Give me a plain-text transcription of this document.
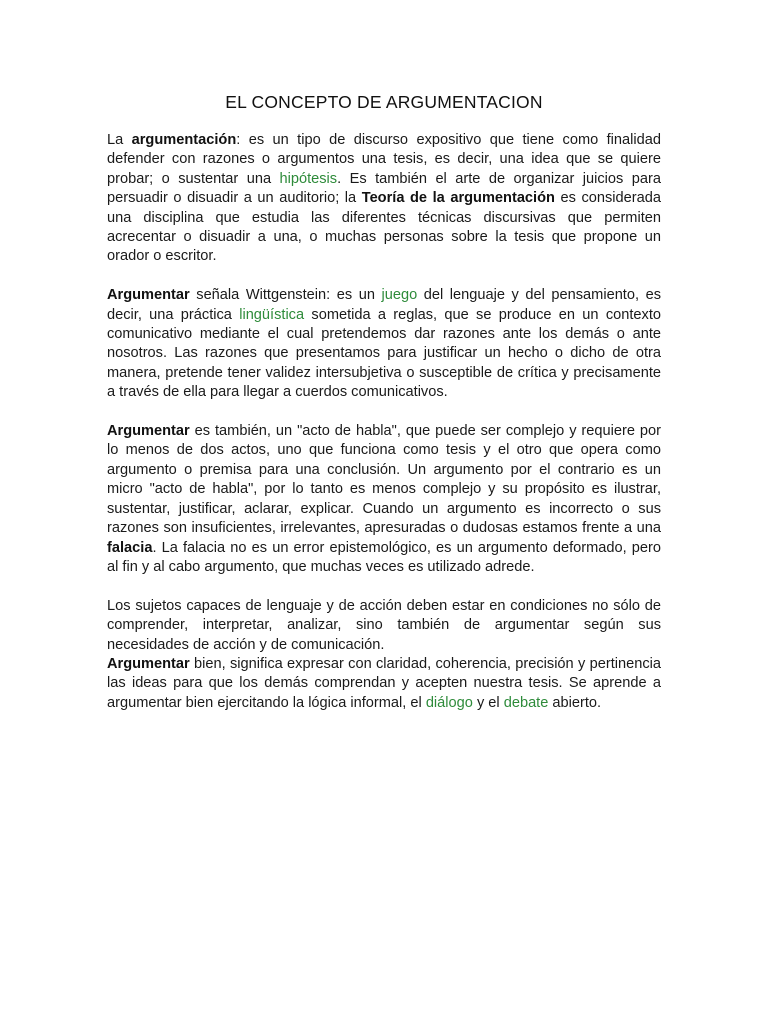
EL CONCEPTO DE ARGUMENTACION

La argumentación: es un tipo de discurso expositivo que tiene como finalidad defender con razones o argumentos una tesis, es decir, una idea que se quiere probar; o sustentar una hipótesis. Es también el arte de organizar juicios para persuadir o disuadir a un auditorio; la Teoría de la argumentación es considerada una disciplina que estudia las diferentes técnicas discursivas que permiten acrecentar o disuadir a una, o muchas personas sobre la tesis que propone un orador o escritor.

Argumentar señala Wittgenstein: es un juego del lenguaje y del pensamiento, es decir, una práctica lingüística sometida a reglas, que se produce en un contexto comunicativo mediante el cual pretendemos dar razones ante los demás o ante nosotros. Las razones que presentamos para justificar un hecho o dicho de otra manera, pretende tener validez intersubjetiva o susceptible de crítica y precisamente a través de ella para llegar a cuerdos comunicativos.

Argumentar es también, un "acto de habla", que puede ser complejo y requiere por lo menos de dos actos, uno que funciona como tesis y el otro que opera como argumento o premisa para una conclusión. Un argumento por el contrario es un micro "acto de habla", por lo tanto es menos complejo y su propósito es ilustrar, sustentar, justificar, aclarar, explicar. Cuando un argumento es incorrecto o sus razones son insuficientes, irrelevantes, apresuradas o dudosas estamos frente a una falacia. La falacia no es un error epistemológico, es un argumento deformado, pero al fin y al cabo argumento, que muchas veces es utilizado adrede.

Los sujetos capaces de lenguaje y de acción deben estar en condiciones no sólo de comprender, interpretar, analizar, sino también de argumentar según sus necesidades de acción y de comunicación.

Argumentar bien, significa expresar con claridad, coherencia, precisión y pertinencia las ideas para que los demás comprendan y acepten nuestra tesis. Se aprende a argumentar bien ejercitando la lógica informal, el diálogo y el debate abierto.
